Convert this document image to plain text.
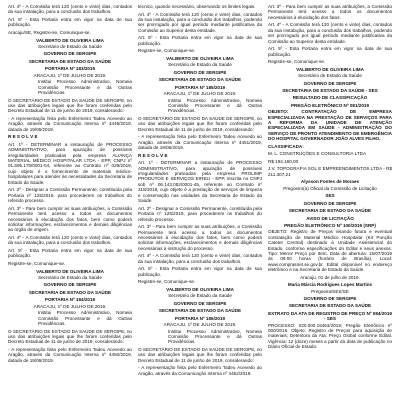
Art. 4º - A Comissão terá 120 (cento e vinte) dias, contados da sua instalação, para a conclusão dos trabalhos.

Art. 5º - Esta Portaria entra em vigor na data de sua publicação.

Aracaju/SE, Registre-se, Comunique-se.

VALBERTO DE OLIVEIRA LIMA
Secretário de Estado da Saúde
GOVERNO DE SERGIPE
SECRETARIA DE ESTADO DA SAÚDE
PORTARIA Nº 183/2019
ARACAJU, 1º DE JULHO DE 2019.

Institui Processo Administrativo, Nomeia Comissão Processante e dá Outras Providências.

O SECRETÁRIO DE ESTADO DA SAÚDE DE SERGIPE, no uso das atribuições legais que lhe foram conferidas pelo Decreto Estadual de 11 de junho de 2019, considerando:

- A representação feita pelo Enfermeiro Tadeu Acevedo ao Aragão, através da Comunicação Interna nº 4449/2019, datada de 19/06/2019.

R E S O L V E

Art. 1º - DETERMINAR a instauração de PROCESSO ADMINISTRATIVO, para apuração de possíveis irregularidades praticadas pela empresa ALIANÇA MATERIAL MÉDICO HOSPITALAR LTDA - EPP, CNPJ nº 01.695.179/0001-04, referente ao Contrato nº 029/2019, cujo objeto é o fornecimento de materiais médico-hospitalares para atender às necessidades da Secretaria de Estado da Saúde.

Art. 2º - Designar a Comissão Permanente, constituída pela Portaria nº 125/2019, para procederem os trabalhos do referido processo.

Art. 3º - Para bem cumprir as suas atribuições, a Comissão Permanente terá acesso a todos os documentos necessários à elucidação dos fatos, bem como poderá solicitar informações, esclarecimentos e demais diligências ao órgão de origem.

Art. 4º - A Comissão terá 120 (cento e vinte) dias, contados da sua instalação, para a conclusão dos trabalhos.

Art. 5º - Esta Portaria entra em vigor na data de sua publicação.

Registre-se, Comunique-se.

VALBERTO DE OLIVEIRA LIMA
Secretário de Estado da Saúde
GOVERNO DE SERGIPE
SECRETARIA DE ESTADO DA SAÚDE
PORTARIA Nº 184/2019
ARACAJU, 1º DE JULHO DE 2019.

Institui Processo Administrativo, Nomeia Comissão Processante e dá Outras Providências.

O SECRETÁRIO DE ESTADO DA SAÚDE DE SERGIPE, no uso das atribuições legais que lhe foram conferidas pelo Decreto Estadual de 11 de junho de 2019, considerando:

- A representação feita pelo Enfermeiro Tadeu Acevedo ao Aragão, através da Comunicação Interna nº 4450/2019, datada de 19/06/2019.

técnico, quando necessário, observando os limites legais.

Art. 4º - A Comissão terá 120 (cento e vinte) dias, contados da sua instalação, para a conclusão dos trabalhos, podendo ser prorrogado por igual período mediante justificativa da Comissão ao Superior desta entidade.

Art. 5º - Esta Portaria entra em vigor na data de sua publicação.

Registre-se, Comunique-se.

VALBERTO DE OLIVEIRA LIMA
Secretário de Estado da Saúde
GOVERNO DE SERGIPE
SECRETARIA DE ESTADO DA SAÚDE
PORTARIA Nº 185/2019
ARACAJU, 1º DE JULHO DE 2019.

Institui Processo Administrativo, Nomeia Comissão Processante e dá Outras Providências.

O SECRETÁRIO DE ESTADO DA SAÚDE DE SERGIPE, no uso das atribuições legais que lhe foram conferidas pelo Decreto Estadual de 11 de junho de 2019, considerando:

- A representação feita pelo Enfermeiro Tadeu Acevedo ao Aragão, através da Comunicação Interna nº 4451/2019, datada de 19/06/2019.

R E S O L V E

Art. 1º - DETERMINAR a instauração de PROCESSO ADMINISTRATIVO, para apuração de possíveis irregularidades praticadas pela empresa PROLIMP PRODUTOS E SERVIÇOS EIRELI - EPP, inscrita no CNPJ sob nº 06.143.052/0001-45, referente ao Contrato nº 318/2018, cujo objeto é a prestação de serviços de limpeza e conservação nas unidades da Secretaria de Estado da Saúde.

Art. 2º - Designar a Comissão Permanente, constituída pela Portaria nº 125/2019, para procederem os trabalhos do referido processo.

Art. 3º - Para bem cumprir as suas atribuições, a Comissão Permanente terá acesso a todos os documentos necessários à elucidação dos fatos, bem como poderá solicitar informações, esclarecimentos e demais diligências necessárias à instrução do processo.

Art. 4º - A Comissão terá 120 (cento e vinte) dias, contados da sua instalação, para a conclusão dos trabalhos.

Art. 5º - Esta Portaria entra em vigor na data de sua publicação.

Registre-se, Comunique-se.

VALBERTO DE OLIVEIRA LIMA
Secretário de Estado da Saúde
GOVERNO DE SERGIPE
SECRETARIA DE ESTADO DA SAÚDE
PORTARIA Nº 186/2019
ARACAJU, 1º DE JULHO DE 2019.

Institui Processo Administrativo, Nomeia Comissão Processante e dá Outras Providências.

O SECRETÁRIO DE ESTADO DA SAÚDE DE SERGIPE, no uso das atribuições legais que lhe foram conferidas pelo Decreto Estadual de 11 de junho de 2019, considerando:

- A representação feita pelo Enfermeiro Tadeu Acevedo ao Aragão, através da Comunicação Interna nº 4452/2019.

Art. 3º - Para bem cumprir as suas atribuições, a Comissão Permanente terá acesso a todos os documentos necessários à elucidação dos fatos.

Art. 4º - A Comissão terá 120 (cento e vinte) dias, contados da sua instalação, para a conclusão dos trabalhos, podendo ser prorrogado por igual período mediante justificativa da Comissão ao Superior desta entidade.

Art. 5º - Esta Portaria entra em vigor na data de sua publicação.

Registre-se, Comunique-se.

VALBERTO DE OLIVEIRA LIMA
Secretário de Estado da Saúde
GOVERNO DE SERGIPE
SECRETARIA DE ESTADO DA SAÚDE - SES
RESULTADO DE CLASSIFICAÇÃO
PREGÃO ELETRÔNICO Nº 081/2019

OBJETO: CONTRATAÇÃO DE EMPRESA ESPECIALIZADA NA PRESTAÇÃO DE SERVIÇOS PARA A REFORMA DA UNIDADE DE ATENÇÃO ESPECIALIZADA EM SAÚDE - ADMINISTRAÇÃO DO SERVIÇO DE PRONTO ATENDIMENTO DE EMERGÊNCIA DO HOSPITAL GOVERNADOR JOÃO ALVES FILHO.

CLASSIFICADA:
M. L. CONSTRUÇÕES E CONSULTORIA LTDA
R$ 194.160,00
J.V. TOPOGRAFIA SOL E EMPREENDIMENTOS LTDA - R$ 211.307,21
Alysson Fontes de Moraes
Pregoeiro(a) Oficial da Comissão de Licitação
SES
GOVERNO DE SERGIPE
SECRETARIA DE ESTADO DA SAÚDE
AVISO DE LICITAÇÃO
PREGÃO ELETRÔNICO Nº 100/2019 (SRP)

OBJETO: Registro de Preços visando futura e eventual contratação de Material Médico Hospitalar (Kit Punção Cateter Central) destinado à Unidade Assistencial do Estado, conforme especificações do Edital e seus anexos. Tipo: Menor Preço por Item. Data de abertura: 15/07/2019 às 09:00 horas (horário de Brasília). Local: www.comprasnet.se.gov.br. Edital disponível no endereço eletrônico e na Secretaria de Estado da Saúde.

Aracaju, 01 de julho de 2019.

Maria Márcia Rodrigues Lopes Martins
Pregoeira/SES/SE
GOVERNO DE SERGIPE
SECRETARIA DE ESTADO DA SAÚDE
EXTRATO DA ATA DE REGISTRO DE PREÇO Nº 084/2019 - SES

PROCESSO: 020.000.15463/2019; Pregão Eletrônico nº 000/2019. Objeto: Registro de Preços para aquisição de materiais; Detentora da Ata: Preço Global conforme Edital. Vigência: 12 (doze) meses a partir da data de publicação no Diário Oficial do Estado.
